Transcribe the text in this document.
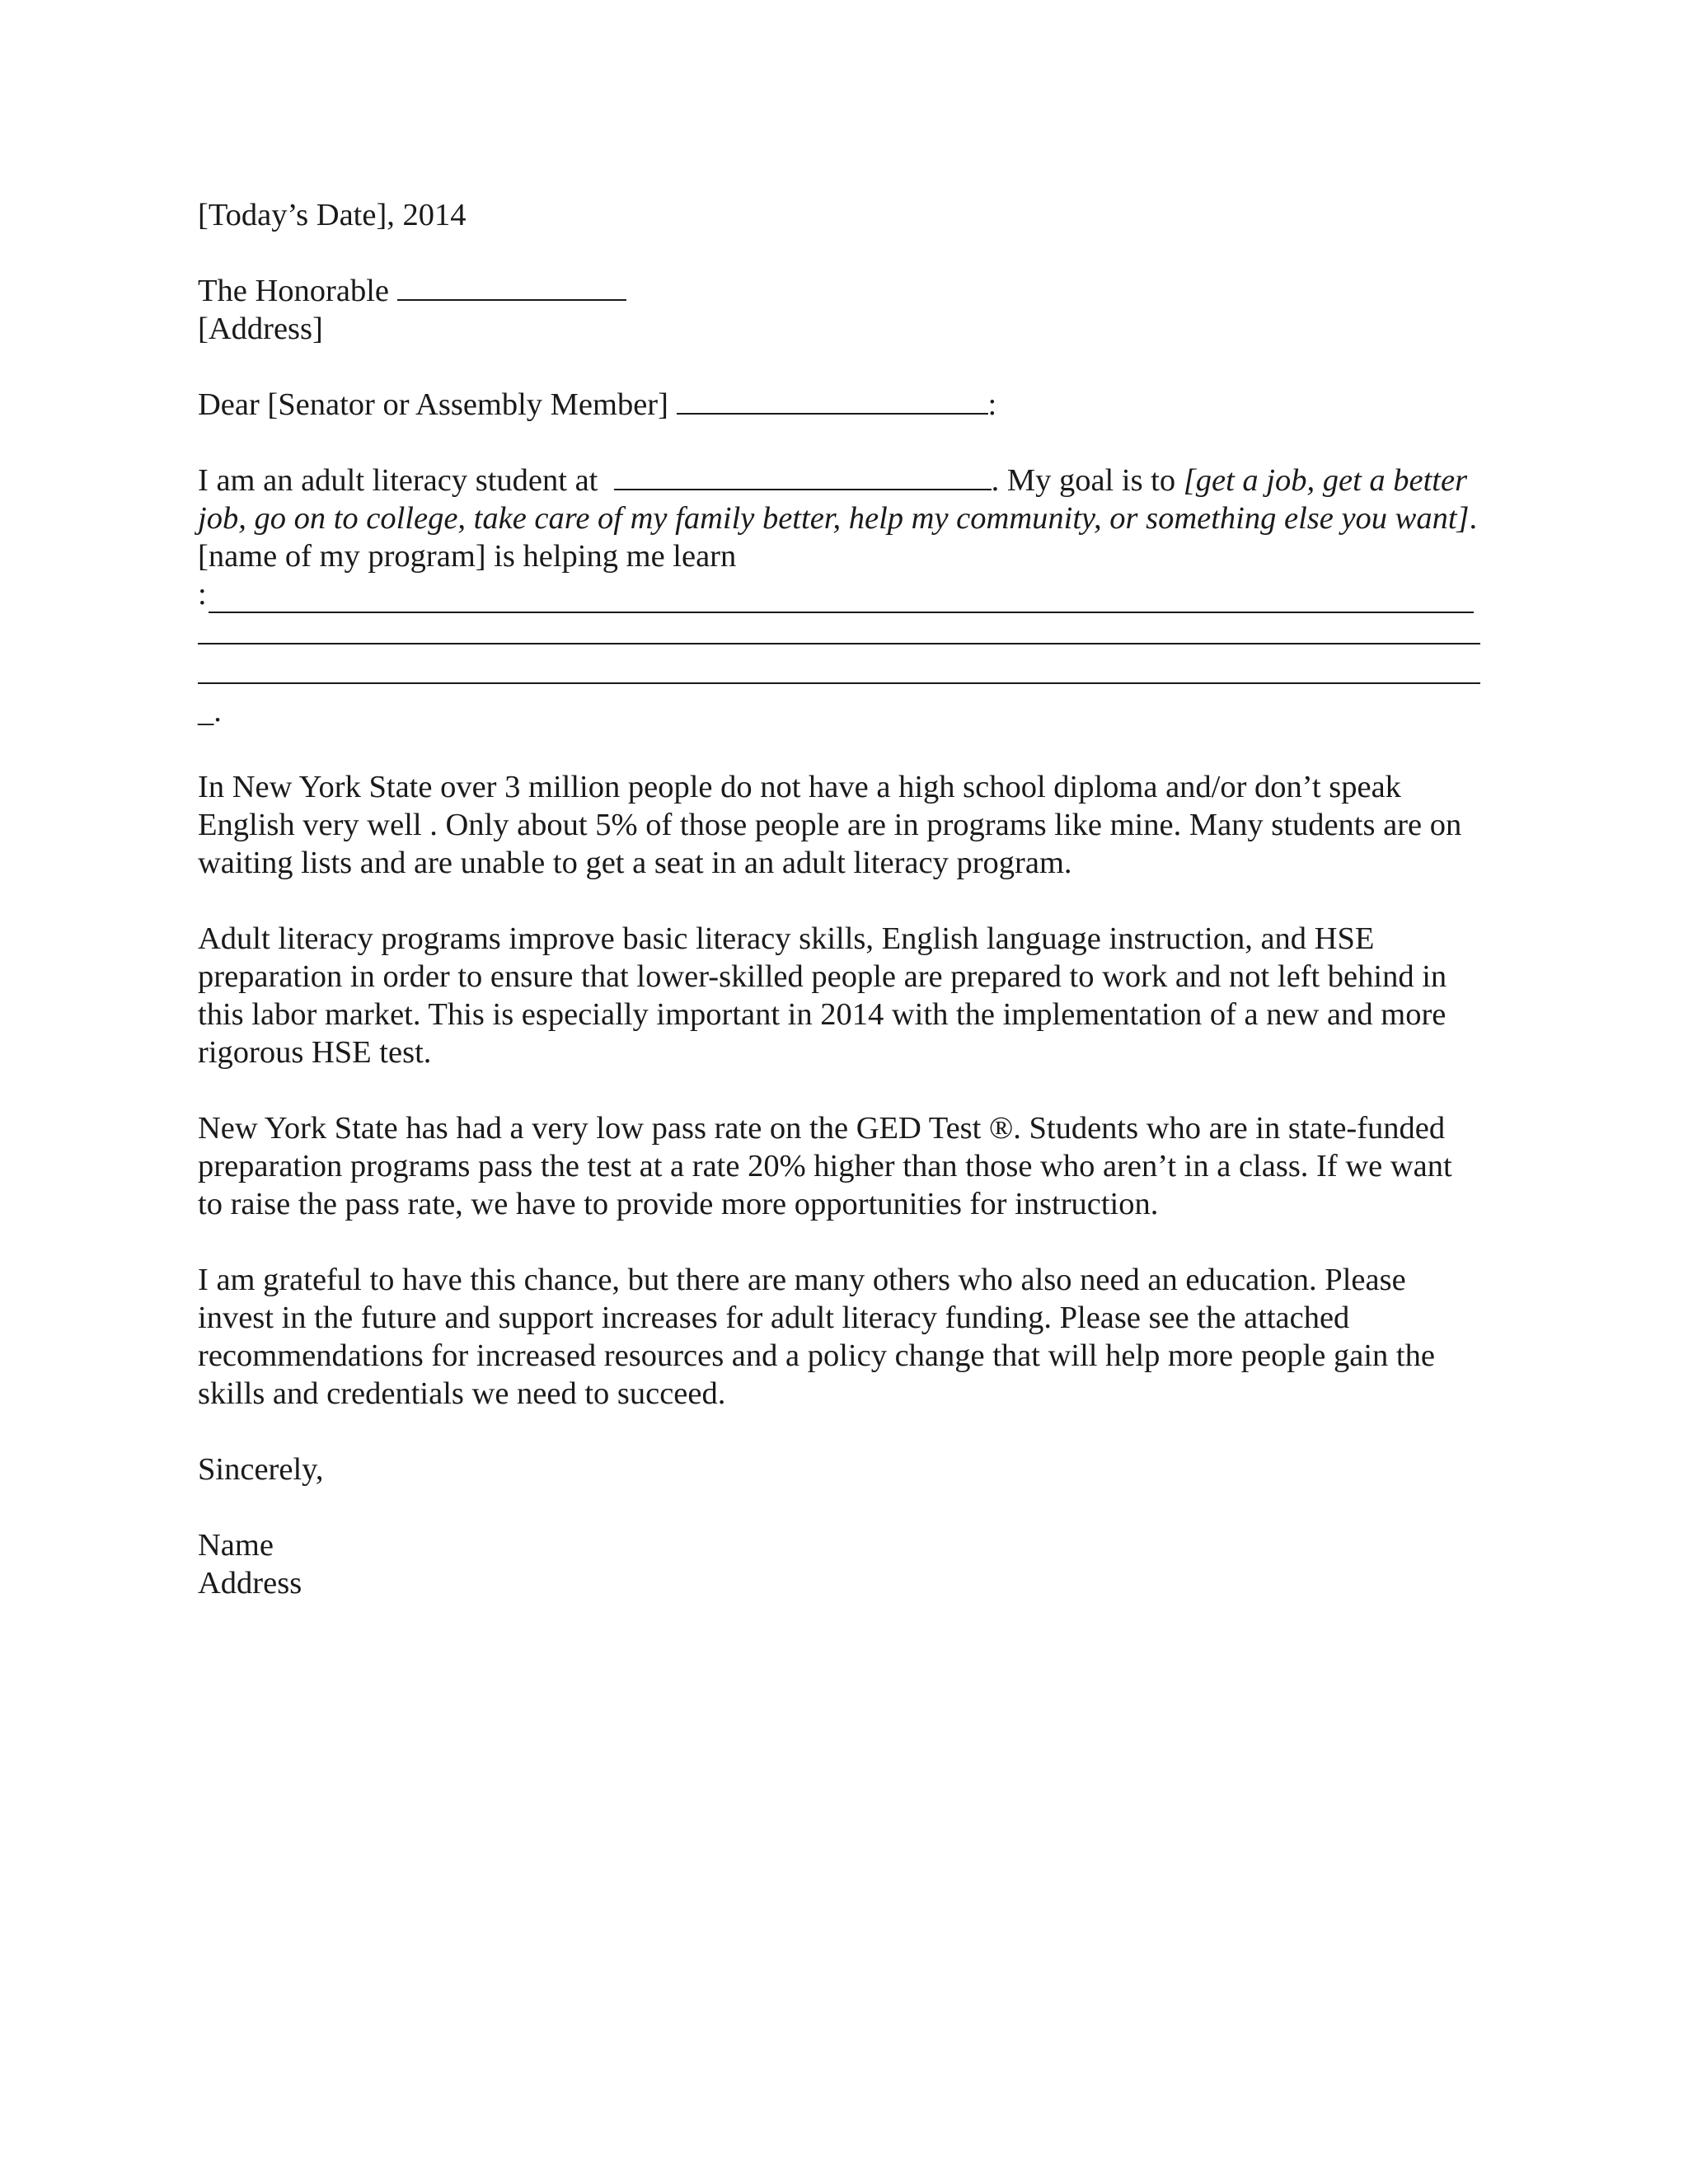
[Today’s Date], 2014

The Honorable

[Address]

Dear [Senator or Assembly Member]	:

I am an adult literacy student at	. My goal is to [get a job, get a better job, go on to college, take care of my family better, help my community, or something else you want]. [name of my program] is helping me learn

:

_.

In New York State over 3 million people do not have a high school diploma and/or don’t speak English very well . Only about 5% of those people are in programs like mine. Many students are on waiting lists and are unable to get a seat in an adult literacy program.

Adult literacy programs improve basic literacy skills, English language instruction, and HSE preparation in order to ensure that lower-skilled people are prepared to work and not left behind in this labor market. This is especially important in 2014 with the implementation of a new and more rigorous HSE test.

New York State has had a very low pass rate on the GED Test ®. Students who are in state-funded preparation programs pass the test at a rate 20% higher than those who aren’t in a class. If we want to raise the pass rate, we have to provide more opportunities for instruction.

I am grateful to have this chance, but there are many others who also need an education. Please invest in the future and support increases for adult literacy funding. Please see the attached recommendations for increased resources and a policy change that will help more people gain the skills and credentials we need to succeed.

Sincerely,

Name

Address
